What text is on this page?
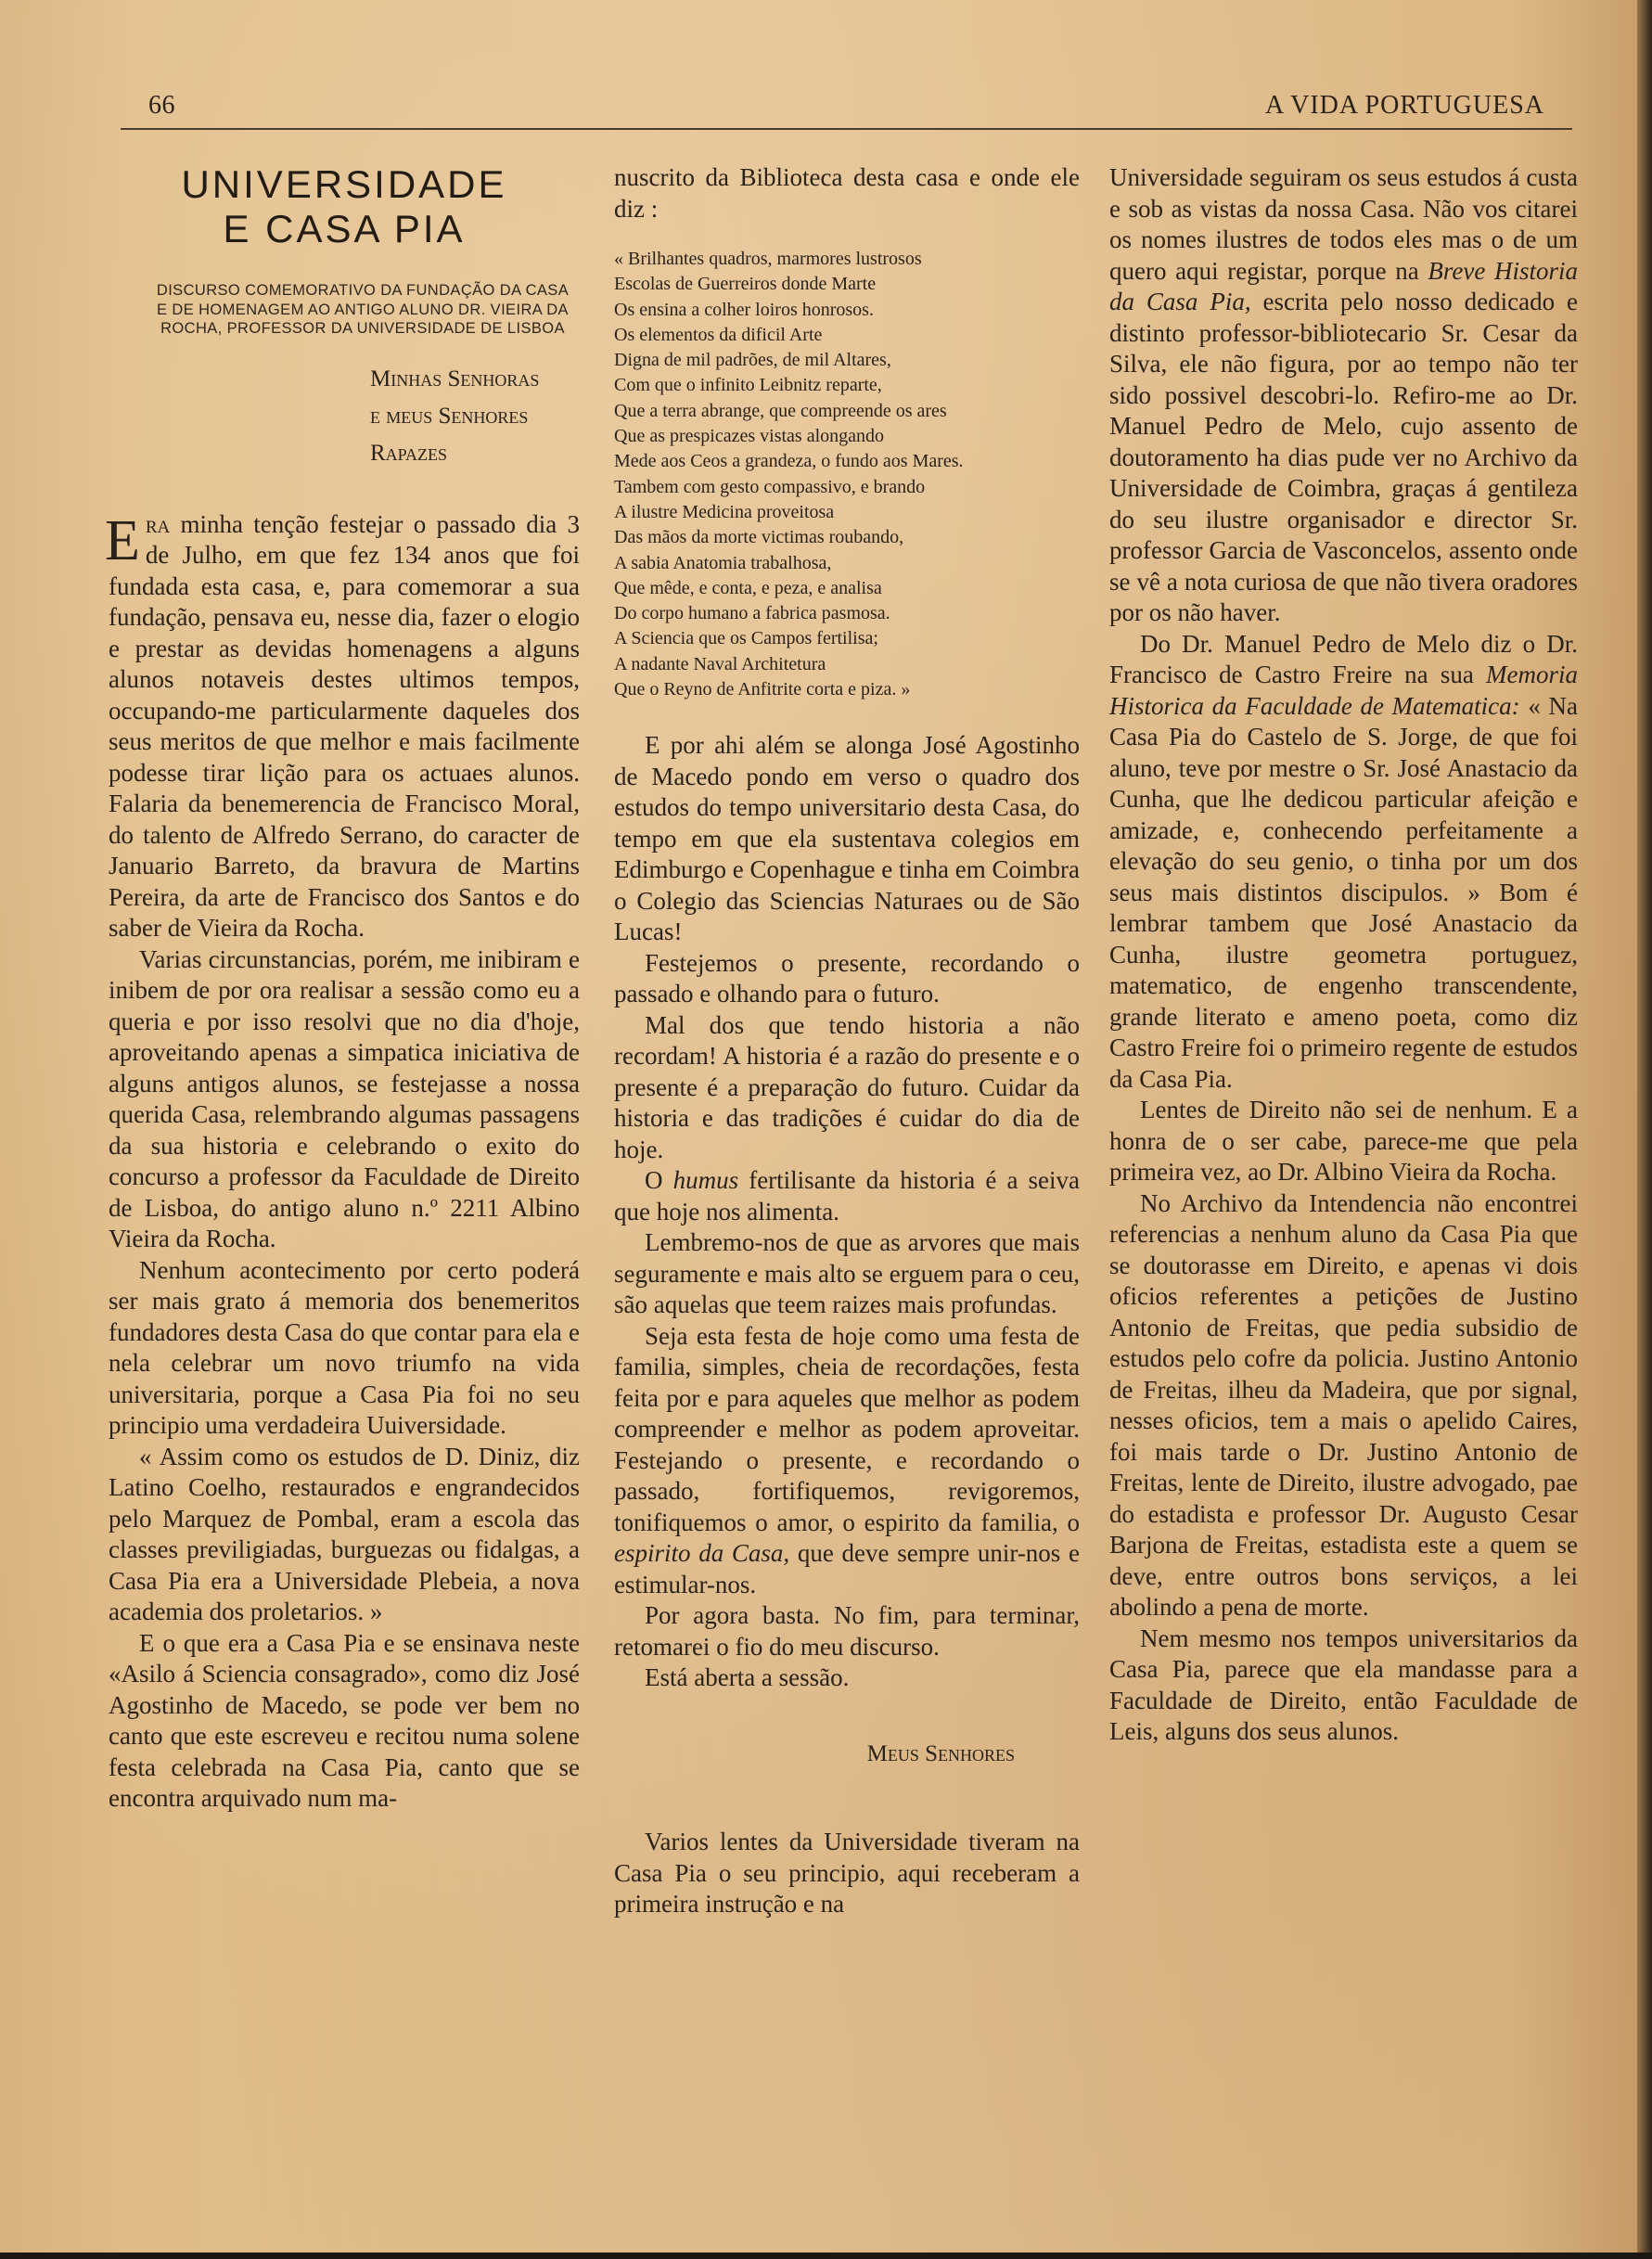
66	A VIDA PORTUGUESA
UNIVERSIDADE
E CASA PIA
DISCURSO COMEMORATIVO DA FUNDAÇÃO DA CASA E DE HOMENAGEM AO ANTIGO ALUNO DR. VIEIRA DA ROCHA, PROFESSOR DA UNIVERSIDADE DE LISBOA
Minhas Senhoras
e meus Senhores
Rapazes

Era minha tenção festejar o passado dia 3 de Julho, em que fez 134 anos que foi fundada esta casa, e, para comemorar a sua fundação, pensava eu, nesse dia, fazer o elogio e prestar as devidas homenagens a alguns alunos notaveis destes ultimos tempos, occupando-me particularmente daqueles dos seus meritos de que melhor e mais facilmente podesse tirar lição para os actuaes alunos. Falaria da benemerencia de Francisco Moral, do talento de Alfredo Serrano, do caracter de Januario Barreto, da bravura de Martins Pereira, da arte de Francisco dos Santos e do saber de Vieira da Rocha.

Varias circunstancias, porém, me inibiram e inibem de por ora realisar a sessão como eu a queria e por isso resolvi que no dia d'hoje, aproveitando apenas a simpatica iniciativa de alguns antigos alunos, se festejasse a nossa querida Casa, relembrando algumas passagens da sua historia e celebrando o exito do concurso a professor da Faculdade de Direito de Lisboa, do antigo aluno n.º 2211 Albino Vieira da Rocha.

Nenhum acontecimento por certo poderá ser mais grato á memoria dos benemeritos fundadores desta Casa do que contar para ela e nela celebrar um novo triumfo na vida universitaria, porque a Casa Pia foi no seu principio uma verdadeira Uuiversidade.

« Assim como os estudos de D. Diniz, diz Latino Coelho, restaurados e engrandecidos pelo Marquez de Pombal, eram a escola das classes previligiadas, burguezas ou fidalgas, a Casa Pia era a Universidade Plebeia, a nova academia dos proletarios. »

E o que era a Casa Pia e se ensinava neste «Asilo á Sciencia consagrado», como diz José Agostinho de Macedo, se pode ver bem no canto que este escreveu e recitou numa solene festa celebrada na Casa Pia, canto que se encontra arquivado num ma-

nuscrito da Biblioteca desta casa e onde ele diz :

« Brilhantes quadros, marmores lustrosos
Escolas de Guerreiros donde Marte
Os ensina a colher loiros honrosos.
Os elementos da dificil Arte
Digna de mil padrões, de mil Altares,
Com que o infinito Leibnitz reparte,
Que a terra abrange, que compreende os ares
Que as prespicazes vistas alongando
Mede aos Ceos a grandeza, o fundo aos Mares.
Tambem com gesto compassivo, e brando
A ilustre Medicina proveitosa
Das mãos da morte victimas roubando,
A sabia Anatomia trabalhosa,
Que mêde, e conta, e peza, e analisa
Do corpo humano a fabrica pasmosa.
A Sciencia que os Campos fertilisa;
A nadante Naval Architetura
Que o Reyno de Anfitrite corta e piza. »

E por ahi além se alonga José Agostinho de Macedo pondo em verso o quadro dos estudos do tempo universitario desta Casa, do tempo em que ela sustentava colegios em Edimburgo e Copenhague e tinha em Coimbra o Colegio das Sciencias Naturaes ou de São Lucas!

Festejemos o presente, recordando o passado e olhando para o futuro.

Mal dos que tendo historia a não recordam! A historia é a razão do presente e o presente é a preparação do futuro. Cuidar da historia e das tradições é cuidar do dia de hoje.

O humus fertilisante da historia é a seiva que hoje nos alimenta.

Lembremo-nos de que as arvores que mais seguramente e mais alto se erguem para o ceu, são aquelas que teem raizes mais profundas.

Seja esta festa de hoje como uma festa de familia, simples, cheia de recordações, festa feita por e para aqueles que melhor as podem compreender e melhor as podem aproveitar. Festejando o presente, e recordando o passado, fortifiquemos, revigoremos, tonifiquemos o amor, o espirito da familia, o espirito da Casa, que deve sempre unir-nos e estimular-nos.

Por agora basta. No fim, para terminar, retomarei o fio do meu discurso.

Está aberta a sessão.

Meus Senhores

Varios lentes da Universidade tiveram na Casa Pia o seu principio, aqui receberam a primeira instrução e na

Universidade seguiram os seus estudos á custa e sob as vistas da nossa Casa. Não vos citarei os nomes ilustres de todos eles mas o de um quero aqui registar, porque na Breve Historia da Casa Pia, escrita pelo nosso dedicado e distinto professor-bibliotecario Sr. Cesar da Silva, ele não figura, por ao tempo não ter sido possivel descobri-lo. Refiro-me ao Dr. Manuel Pedro de Melo, cujo assento de doutoramento ha dias pude ver no Archivo da Universidade de Coimbra, graças á gentileza do seu ilustre organisador e director Sr. professor Garcia de Vasconcelos, assento onde se vê a nota curiosa de que não tivera oradores por os não haver.

Do Dr. Manuel Pedro de Melo diz o Dr. Francisco de Castro Freire na sua Memoria Historica da Faculdade de Matematica: « Na Casa Pia do Castelo de S. Jorge, de que foi aluno, teve por mestre o Sr. José Anastacio da Cunha, que lhe dedicou particular afeição e amizade, e, conhecendo perfeitamente a elevação do seu genio, o tinha por um dos seus mais distintos discipulos. » Bom é lembrar tambem que José Anastacio da Cunha, ilustre geometra portuguez, matematico, de engenho transcendente, grande literato e ameno poeta, como diz Castro Freire foi o primeiro regente de estudos da Casa Pia.

Lentes de Direito não sei de nenhum. E a honra de o ser cabe, parece-me que pela primeira vez, ao Dr. Albino Vieira da Rocha.

No Archivo da Intendencia não encontrei referencias a nenhum aluno da Casa Pia que se doutorasse em Direito, e apenas vi dois oficios referentes a petições de Justino Antonio de Freitas, que pedia subsidio de estudos pelo cofre da policia. Justino Antonio de Freitas, ilheu da Madeira, que por signal, nesses oficios, tem a mais o apelido Caires, foi mais tarde o Dr. Justino Antonio de Freitas, lente de Direito, ilustre advogado, pae do estadista e professor Dr. Augusto Cesar Barjona de Freitas, estadista este a quem se deve, entre outros bons serviços, a lei abolindo a pena de morte.

Nem mesmo nos tempos universitarios da Casa Pia, parece que ela mandasse para a Faculdade de Direito, então Faculdade de Leis, alguns dos seus alunos.
